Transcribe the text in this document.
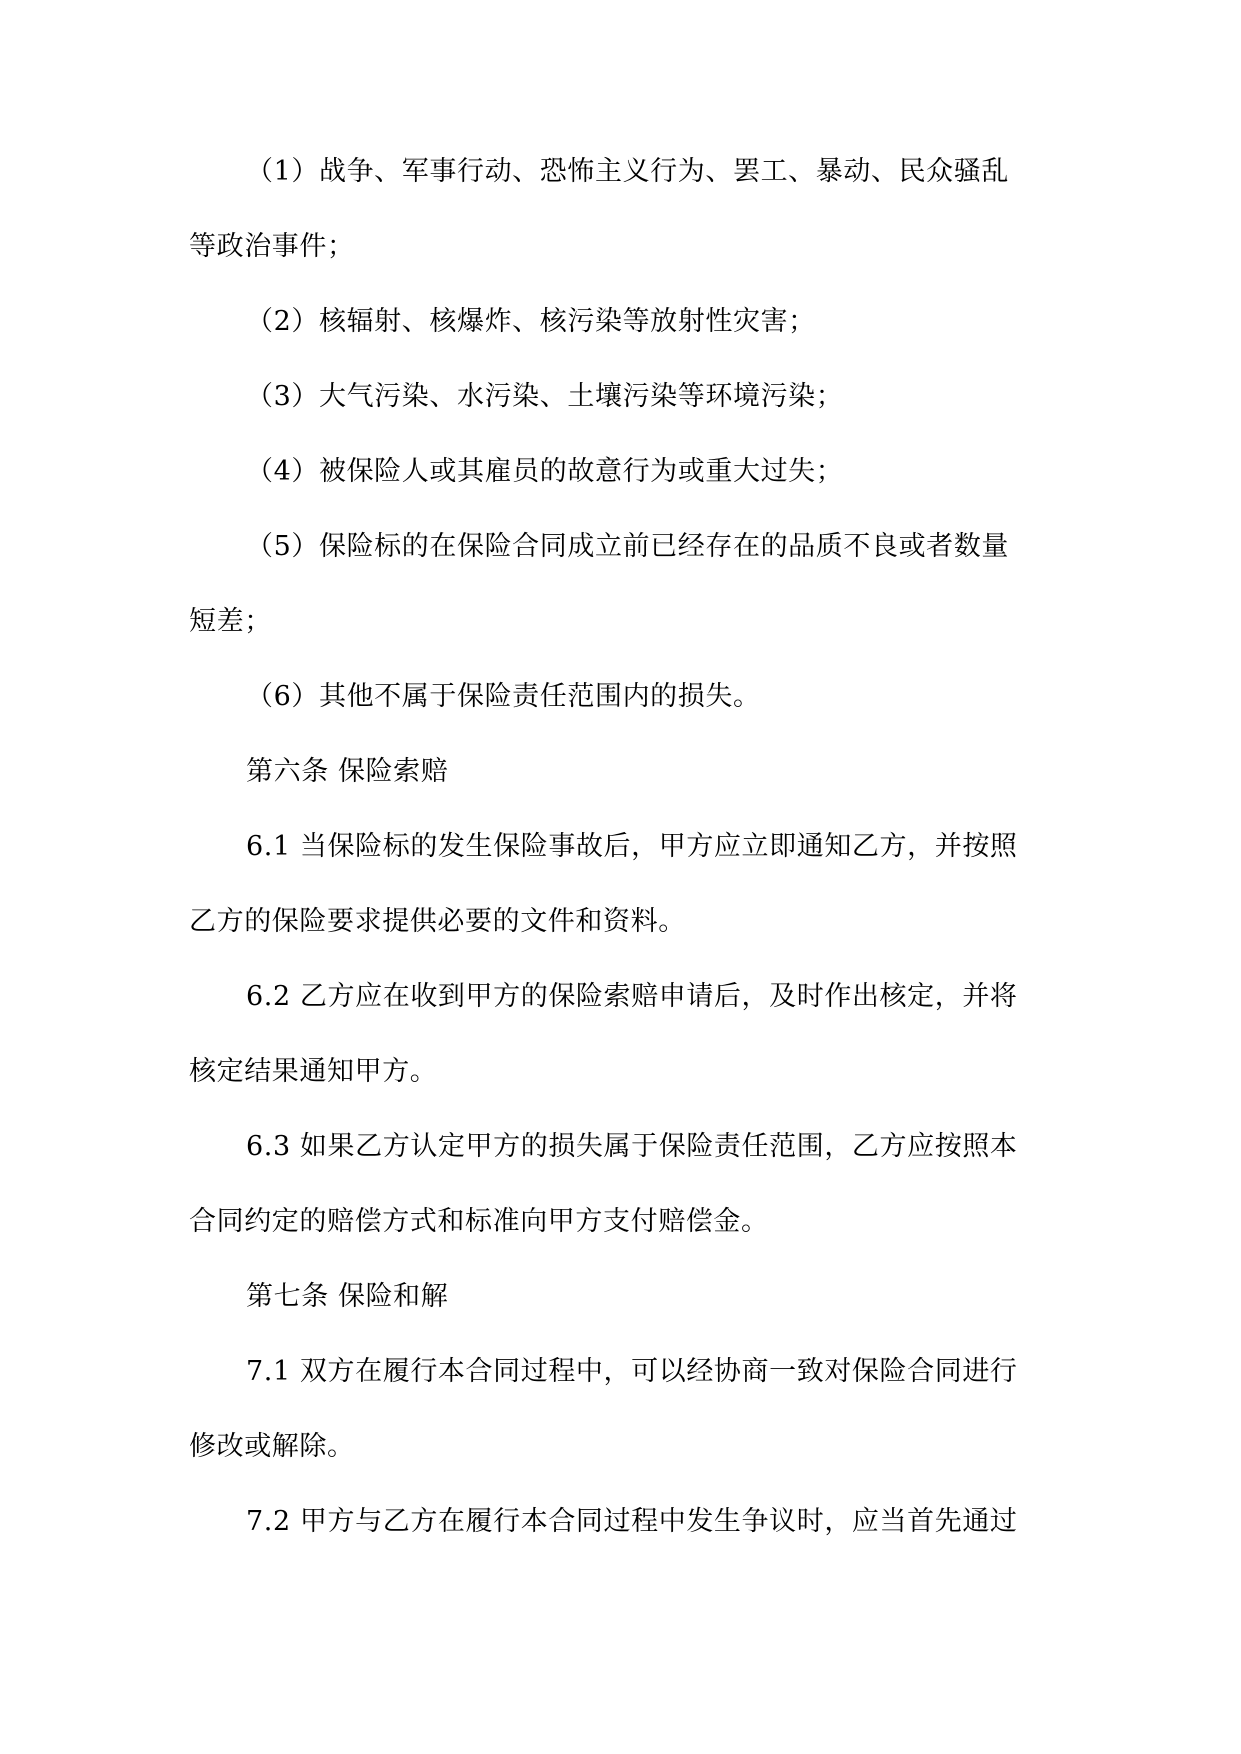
（1）战争、军事行动、恐怖主义行为、罢工、暴动、民众骚乱
等政治事件；
（2）核辐射、核爆炸、核污染等放射性灾害；
（3）大气污染、水污染、土壤污染等环境污染；
（4）被保险人或其雇员的故意行为或重大过失；
（5）保险标的在保险合同成立前已经存在的品质不良或者数量
短差；
（6）其他不属于保险责任范围内的损失。
第六条 保险索赔
6.1 当保险标的发生保险事故后，甲方应立即通知乙方，并按照
乙方的保险要求提供必要的文件和资料。
6.2 乙方应在收到甲方的保险索赔申请后，及时作出核定，并将
核定结果通知甲方。
6.3 如果乙方认定甲方的损失属于保险责任范围，乙方应按照本
合同约定的赔偿方式和标准向甲方支付赔偿金。
第七条 保险和解
7.1 双方在履行本合同过程中，可以经协商一致对保险合同进行
修改或解除。
7.2 甲方与乙方在履行本合同过程中发生争议时，应当首先通过
